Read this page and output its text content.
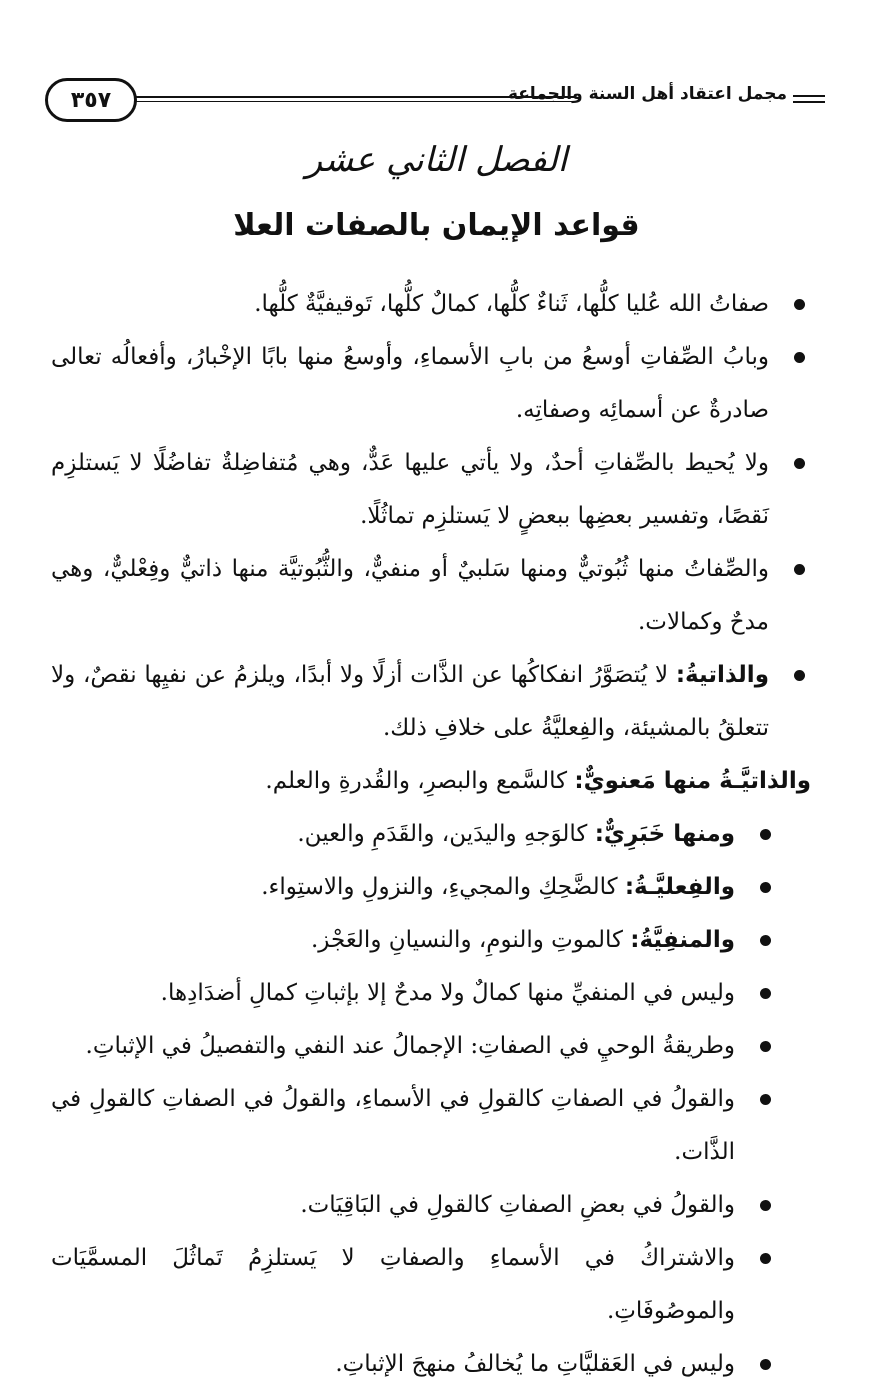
٣٥٧	مجمل اعتقاد أهل السنة والجماعة
الفصل الثاني عشر
قواعد الإيمان بالصفات العلا
صفاتُ الله عُليا كلُّها، ثَناءٌ كلُّها، كمالٌ كلُّها، تَوقيفيَّةٌ كلُّها.
وبابُ الصِّفاتِ أوسعُ من بابِ الأسماءِ، وأوسعُ منها بابًا الإخْبارُ، وأفعالُه تعالى صادرةٌ عن أسمائِه وصفاتِه.
ولا يُحيط بالصِّفاتِ أحدٌ، ولا يأتي عليها عَدٌّ، وهي مُتفاضِلةٌ تفاضُلًا لا يَستلزِم نَقصًا، وتفسير بعضِها ببعضٍ لا يَستلزِم تماثُلًا.
والصِّفاتُ منها ثُبُوتيٌّ ومنها سَلبيٌ أو منفيٌّ، والثُّبُوتيَّة منها ذاتيٌّ وفِعْليٌّ، وهي مدحٌ وكمالات.
والذاتيةُ: لا يُتصَوَّرُ انفكاكُها عن الذَّات أزلًا ولا أبدًا، ويلزمُ عن نفيِها نقصٌ، ولا تتعلقُ بالمشيئة، والفِعليَّةُ على خلافِ ذلك.
والذاتيَّـةُ منها مَعنويٌّ: كالسَّمع والبصرِ، والقُدرةِ والعلم.
ومنها خَبَرِيٌّ: كالوَجهِ واليدَين، والقَدَمِ والعين.
والفِعليَّـةُ: كالضَّحِكِ والمجيءِ، والنزولِ والاستِواء.
والمنفِيَّةُ: كالموتِ والنومِ، والنسيانِ والعَجْز.
وليس في المنفيِّ منها كمالٌ ولا مدحٌ إلا بإثباتِ كمالِ أضدَادِها.
وطريقةُ الوحيِ في الصفاتِ: الإجمالُ عند النفي والتفصيلُ في الإثباتِ.
والقولُ في الصفاتِ كالقولِ في الأسماءِ، والقولُ في الصفاتِ كالقولِ في الذَّات.
والقولُ في بعضِ الصفاتِ كالقولِ في البَاقِيَات.
والاشتراكُ في الأسماءِ والصفاتِ لا يَستلزِمُ تَماثُلَ المسمَّيَات والموصُوفَاتِ.
وليس في العَقليَّاتِ ما يُخالفُ منهجَ الإثباتِ.
